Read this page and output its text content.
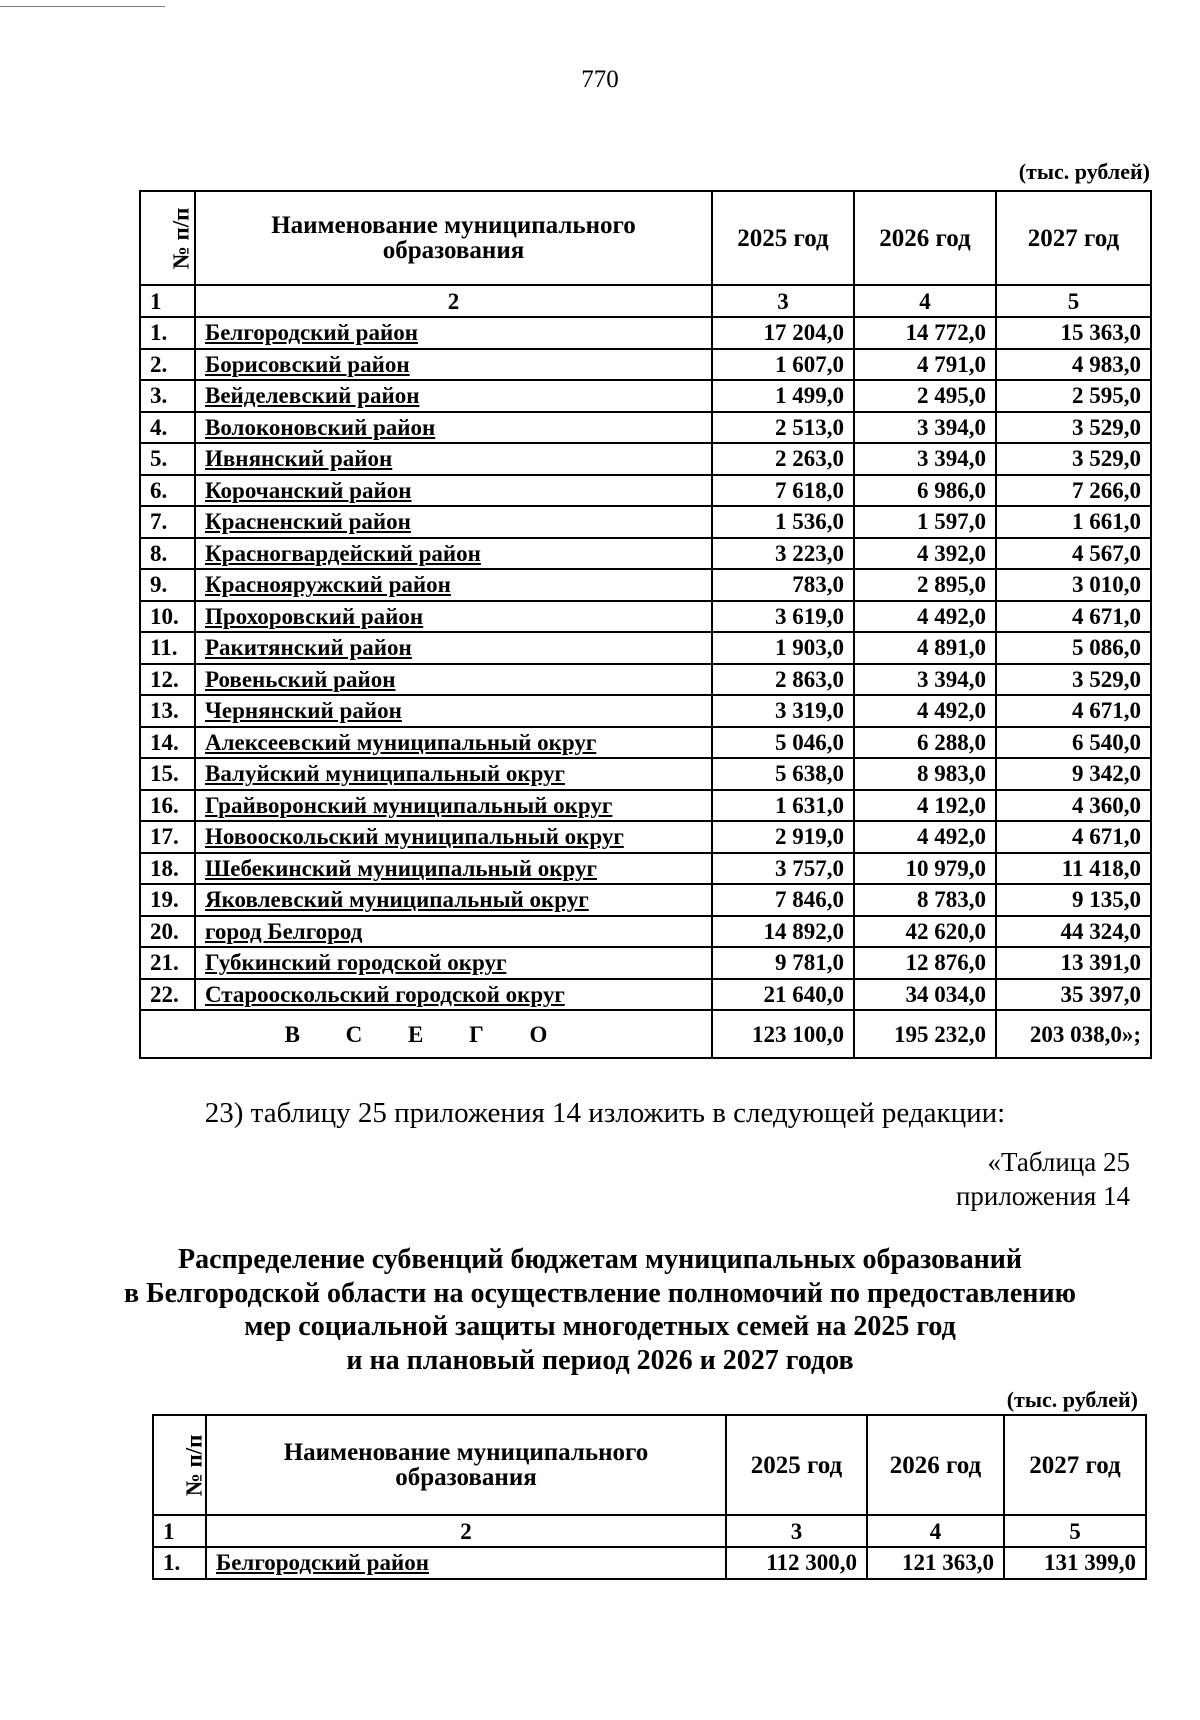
770
(тыс. рублей)
№ п/п	Наименование муниципального образования	2025 год	2026 год	2027 год
1	2	3	4	5
1.	Белгородский район	17 204,0	14 772,0	15 363,0
2.	Борисовский район	1 607,0	4 791,0	4 983,0
3.	Вейделевский район	1 499,0	2 495,0	2 595,0
4.	Волоконовский район	2 513,0	3 394,0	3 529,0
5.	Ивнянский район	2 263,0	3 394,0	3 529,0
6.	Корочанский район	7 618,0	6 986,0	7 266,0
7.	Красненский район	1 536,0	1 597,0	1 661,0
8.	Красногвардейский район	3 223,0	4 392,0	4 567,0
9.	Краснояружский район	783,0	2 895,0	3 010,0
10.	Прохоровский район	3 619,0	4 492,0	4 671,0
11.	Ракитянский район	1 903,0	4 891,0	5 086,0
12.	Ровеньский район	2 863,0	3 394,0	3 529,0
13.	Чернянский район	3 319,0	4 492,0	4 671,0
14.	Алексеевский муниципальный округ	5 046,0	6 288,0	6 540,0
15.	Валуйский муниципальный округ	5 638,0	8 983,0	9 342,0
16.	Грайворонский муниципальный округ	1 631,0	4 192,0	4 360,0
17.	Новооскольский муниципальный округ	2 919,0	4 492,0	4 671,0
18.	Шебекинский муниципальный округ	3 757,0	10 979,0	11 418,0
19.	Яковлевский муниципальный округ	7 846,0	8 783,0	9 135,0
20.	город Белгород	14 892,0	42 620,0	44 324,0
21.	Губкинский городской округ	9 781,0	12 876,0	13 391,0
22.	Старооскольский городской округ	21 640,0	34 034,0	35 397,0
В С Е Г О		123 100,0	195 232,0	203 038,0»;
23) таблицу 25 приложения 14 изложить в следующей редакции:
«Таблица 25
приложения 14
Распределение субвенций бюджетам муниципальных образований
в Белгородской области на осуществление полномочий по предоставлению
мер социальной защиты многодетных семей на 2025 год
и на плановый период 2026 и 2027 годов
(тыс. рублей)
№ п/п	Наименование муниципального образования	2025 год	2026 год	2027 год
1	2	3	4	5
1.	Белгородский район	112 300,0	121 363,0	131 399,0
